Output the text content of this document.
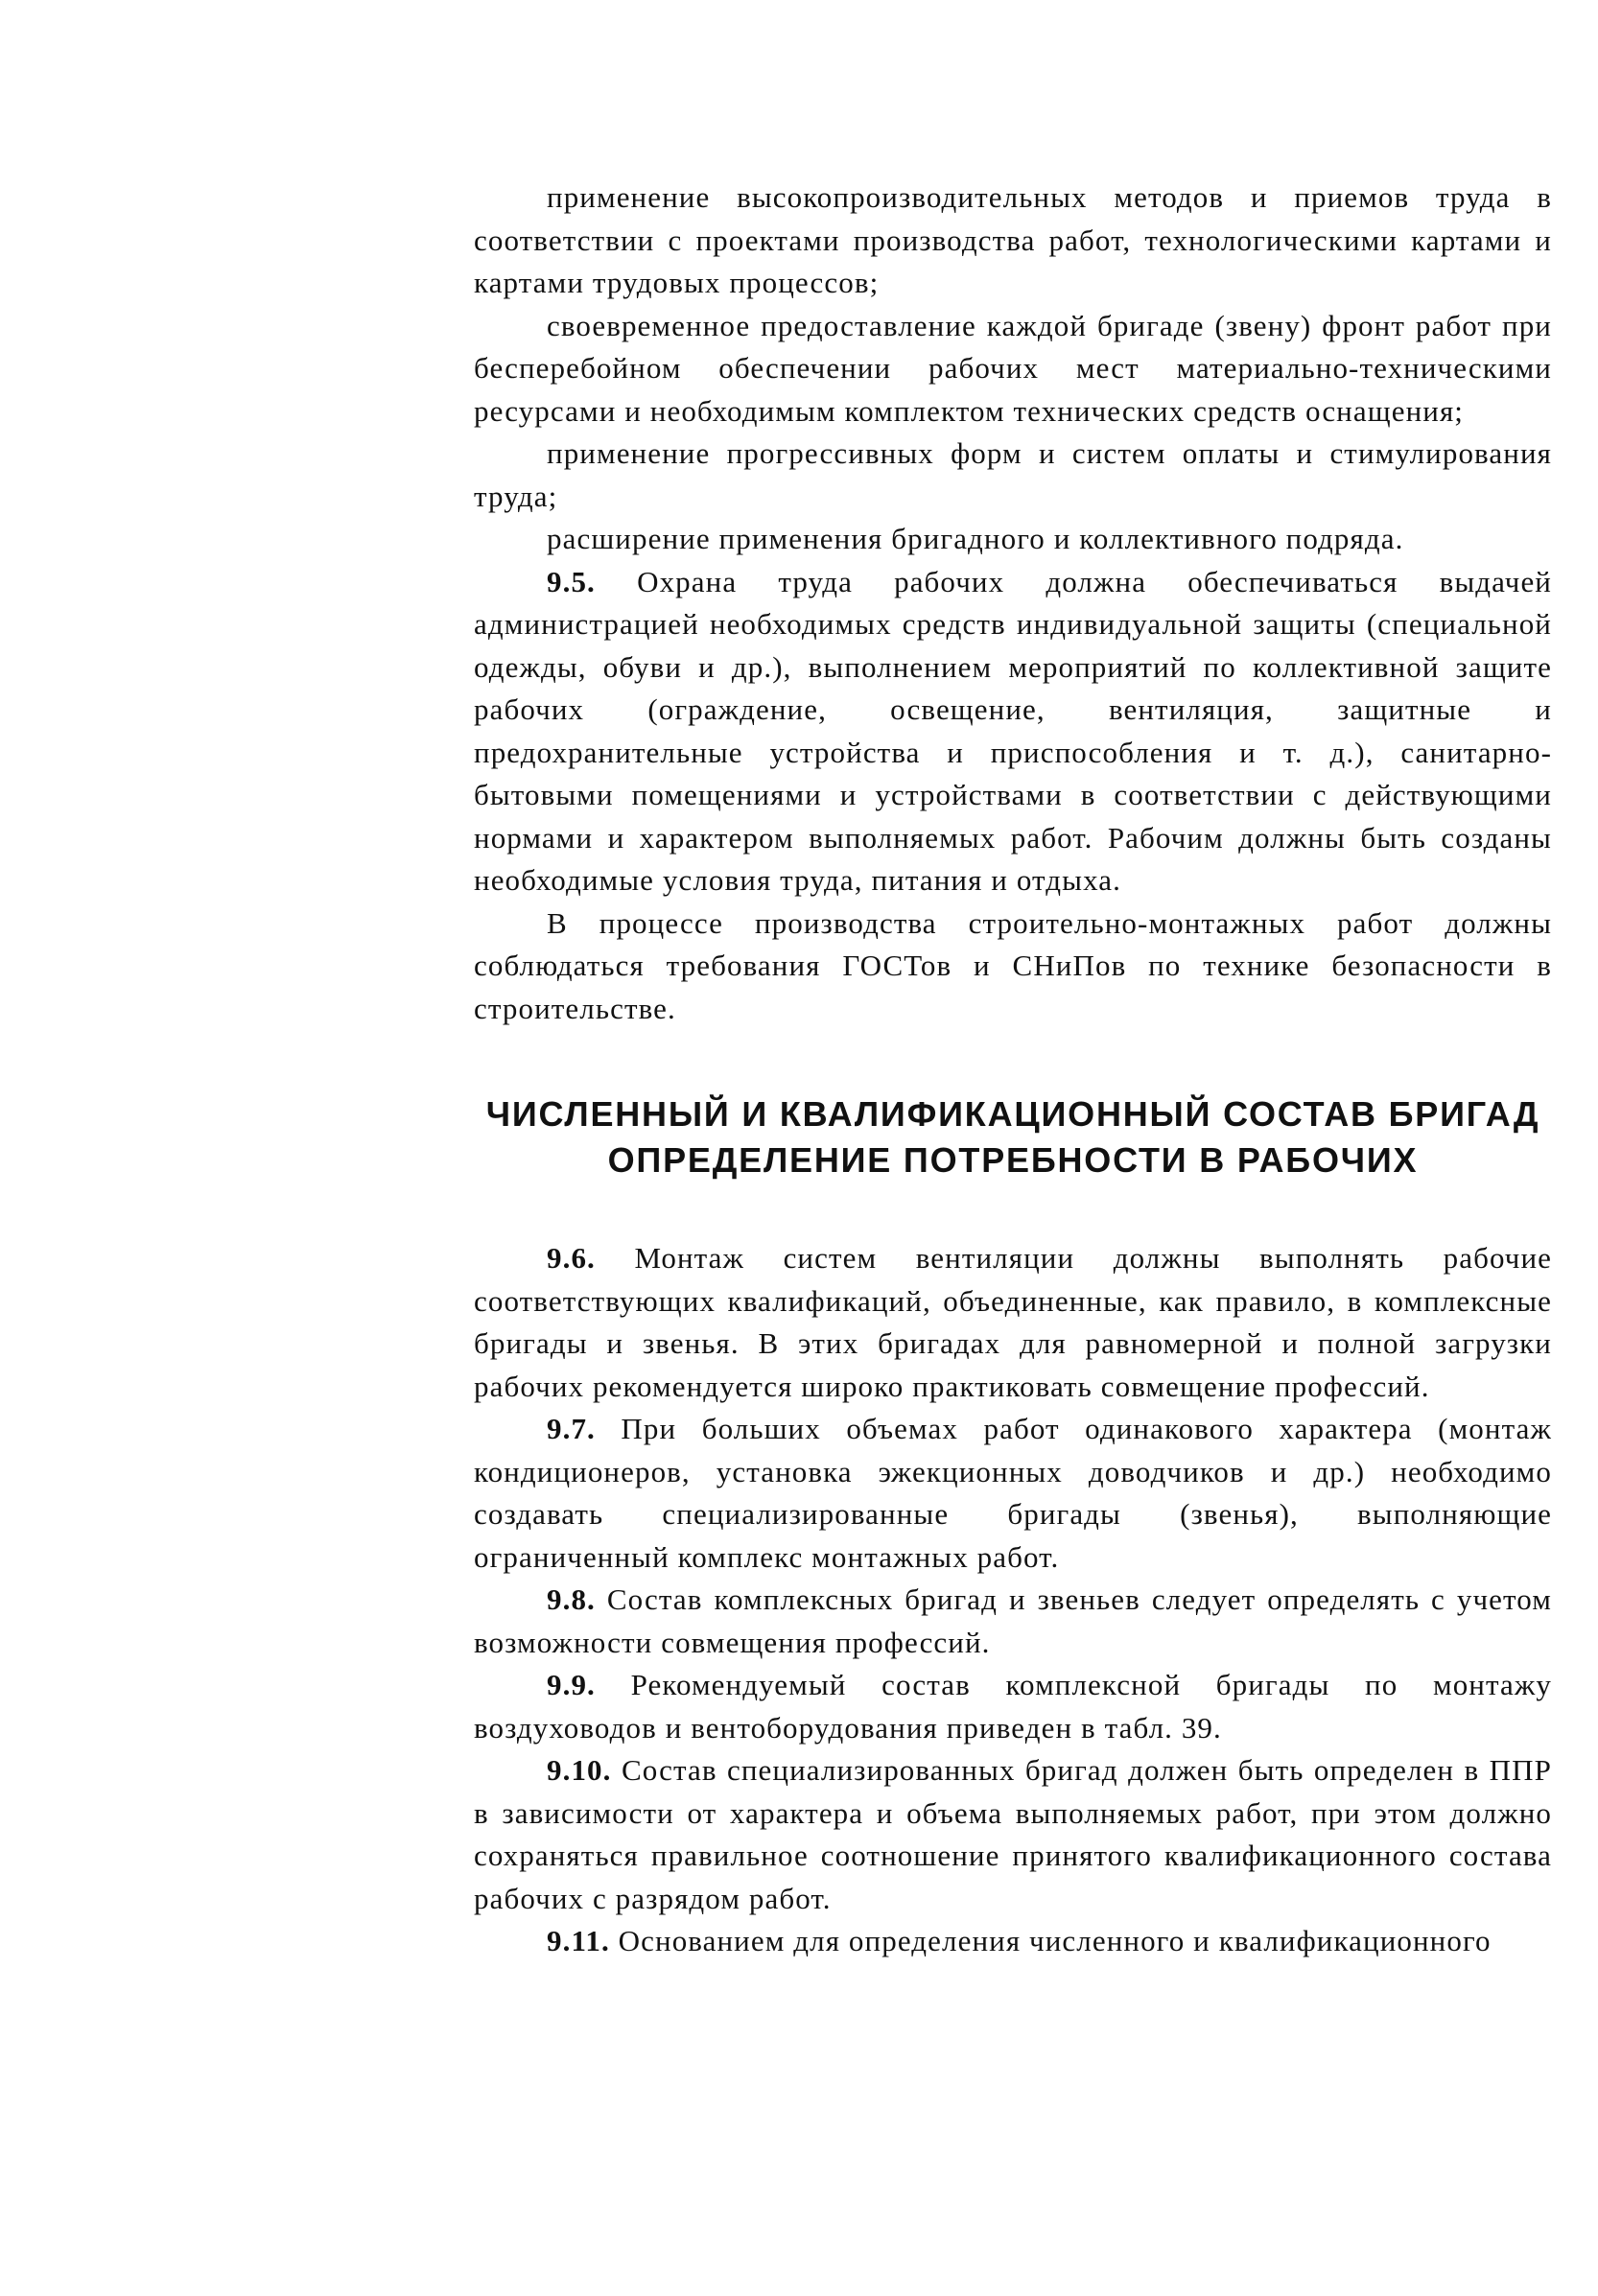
применение высокопроизводительных методов и приемов труда в соответствии с проектами производства работ, технологическими картами и картами трудовых процессов;

своевременное предоставление каждой бригаде (звену) фронт работ при бесперебойном обеспечении рабочих мест материально-техническими ресурсами и необходимым комплектом технических средств оснащения;

применение прогрессивных форм и систем оплаты и стимулирования труда;

расширение применения бригадного и коллективного подряда.

9.5. Охрана труда рабочих должна обеспечиваться выдачей администрацией необходимых средств индивидуальной защиты (специальной одежды, обуви и др.), выполнением мероприятий по коллективной защите рабочих (ограждение, освещение, вентиляция, защитные и предохранительные устройства и приспособления и т. д.), санитарно-бытовыми помещениями и устройствами в соответствии с действующими нормами и характером выполняемых работ. Рабочим должны быть созданы необходимые условия труда, питания и отдыха.

В процессе производства строительно-монтажных работ должны соблюдаться требования ГОСТов и СНиПов по технике безопасности в строительстве.

ЧИСЛЕННЫЙ И КВАЛИФИКАЦИОННЫЙ СОСТАВ БРИГАД
ОПРЕДЕЛЕНИЕ ПОТРЕБНОСТИ В РАБОЧИХ

9.6. Монтаж систем вентиляции должны выполнять рабочие соответствующих квалификаций, объединенные, как правило, в комплексные бригады и звенья. В этих бригадах для равномерной и полной загрузки рабочих рекомендуется широко практиковать совмещение профессий.

9.7. При больших объемах работ одинакового характера (монтаж кондиционеров, установка эжекционных доводчиков и др.) необходимо создавать специализированные бригады (звенья), выполняющие ограниченный комплекс монтажных работ.

9.8. Состав комплексных бригад и звеньев следует определять с учетом возможности совмещения профессий.

9.9. Рекомендуемый состав комплексной бригады по монтажу воздуховодов и вентоборудования приведен в табл. 39.

9.10. Состав специализированных бригад должен быть определен в ППР в зависимости от характера и объема выполняемых работ, при этом должно сохраняться правильное соотношение принятого квалификационного состава рабочих с разрядом работ.

9.11. Основанием для определения численного и квалификационного
